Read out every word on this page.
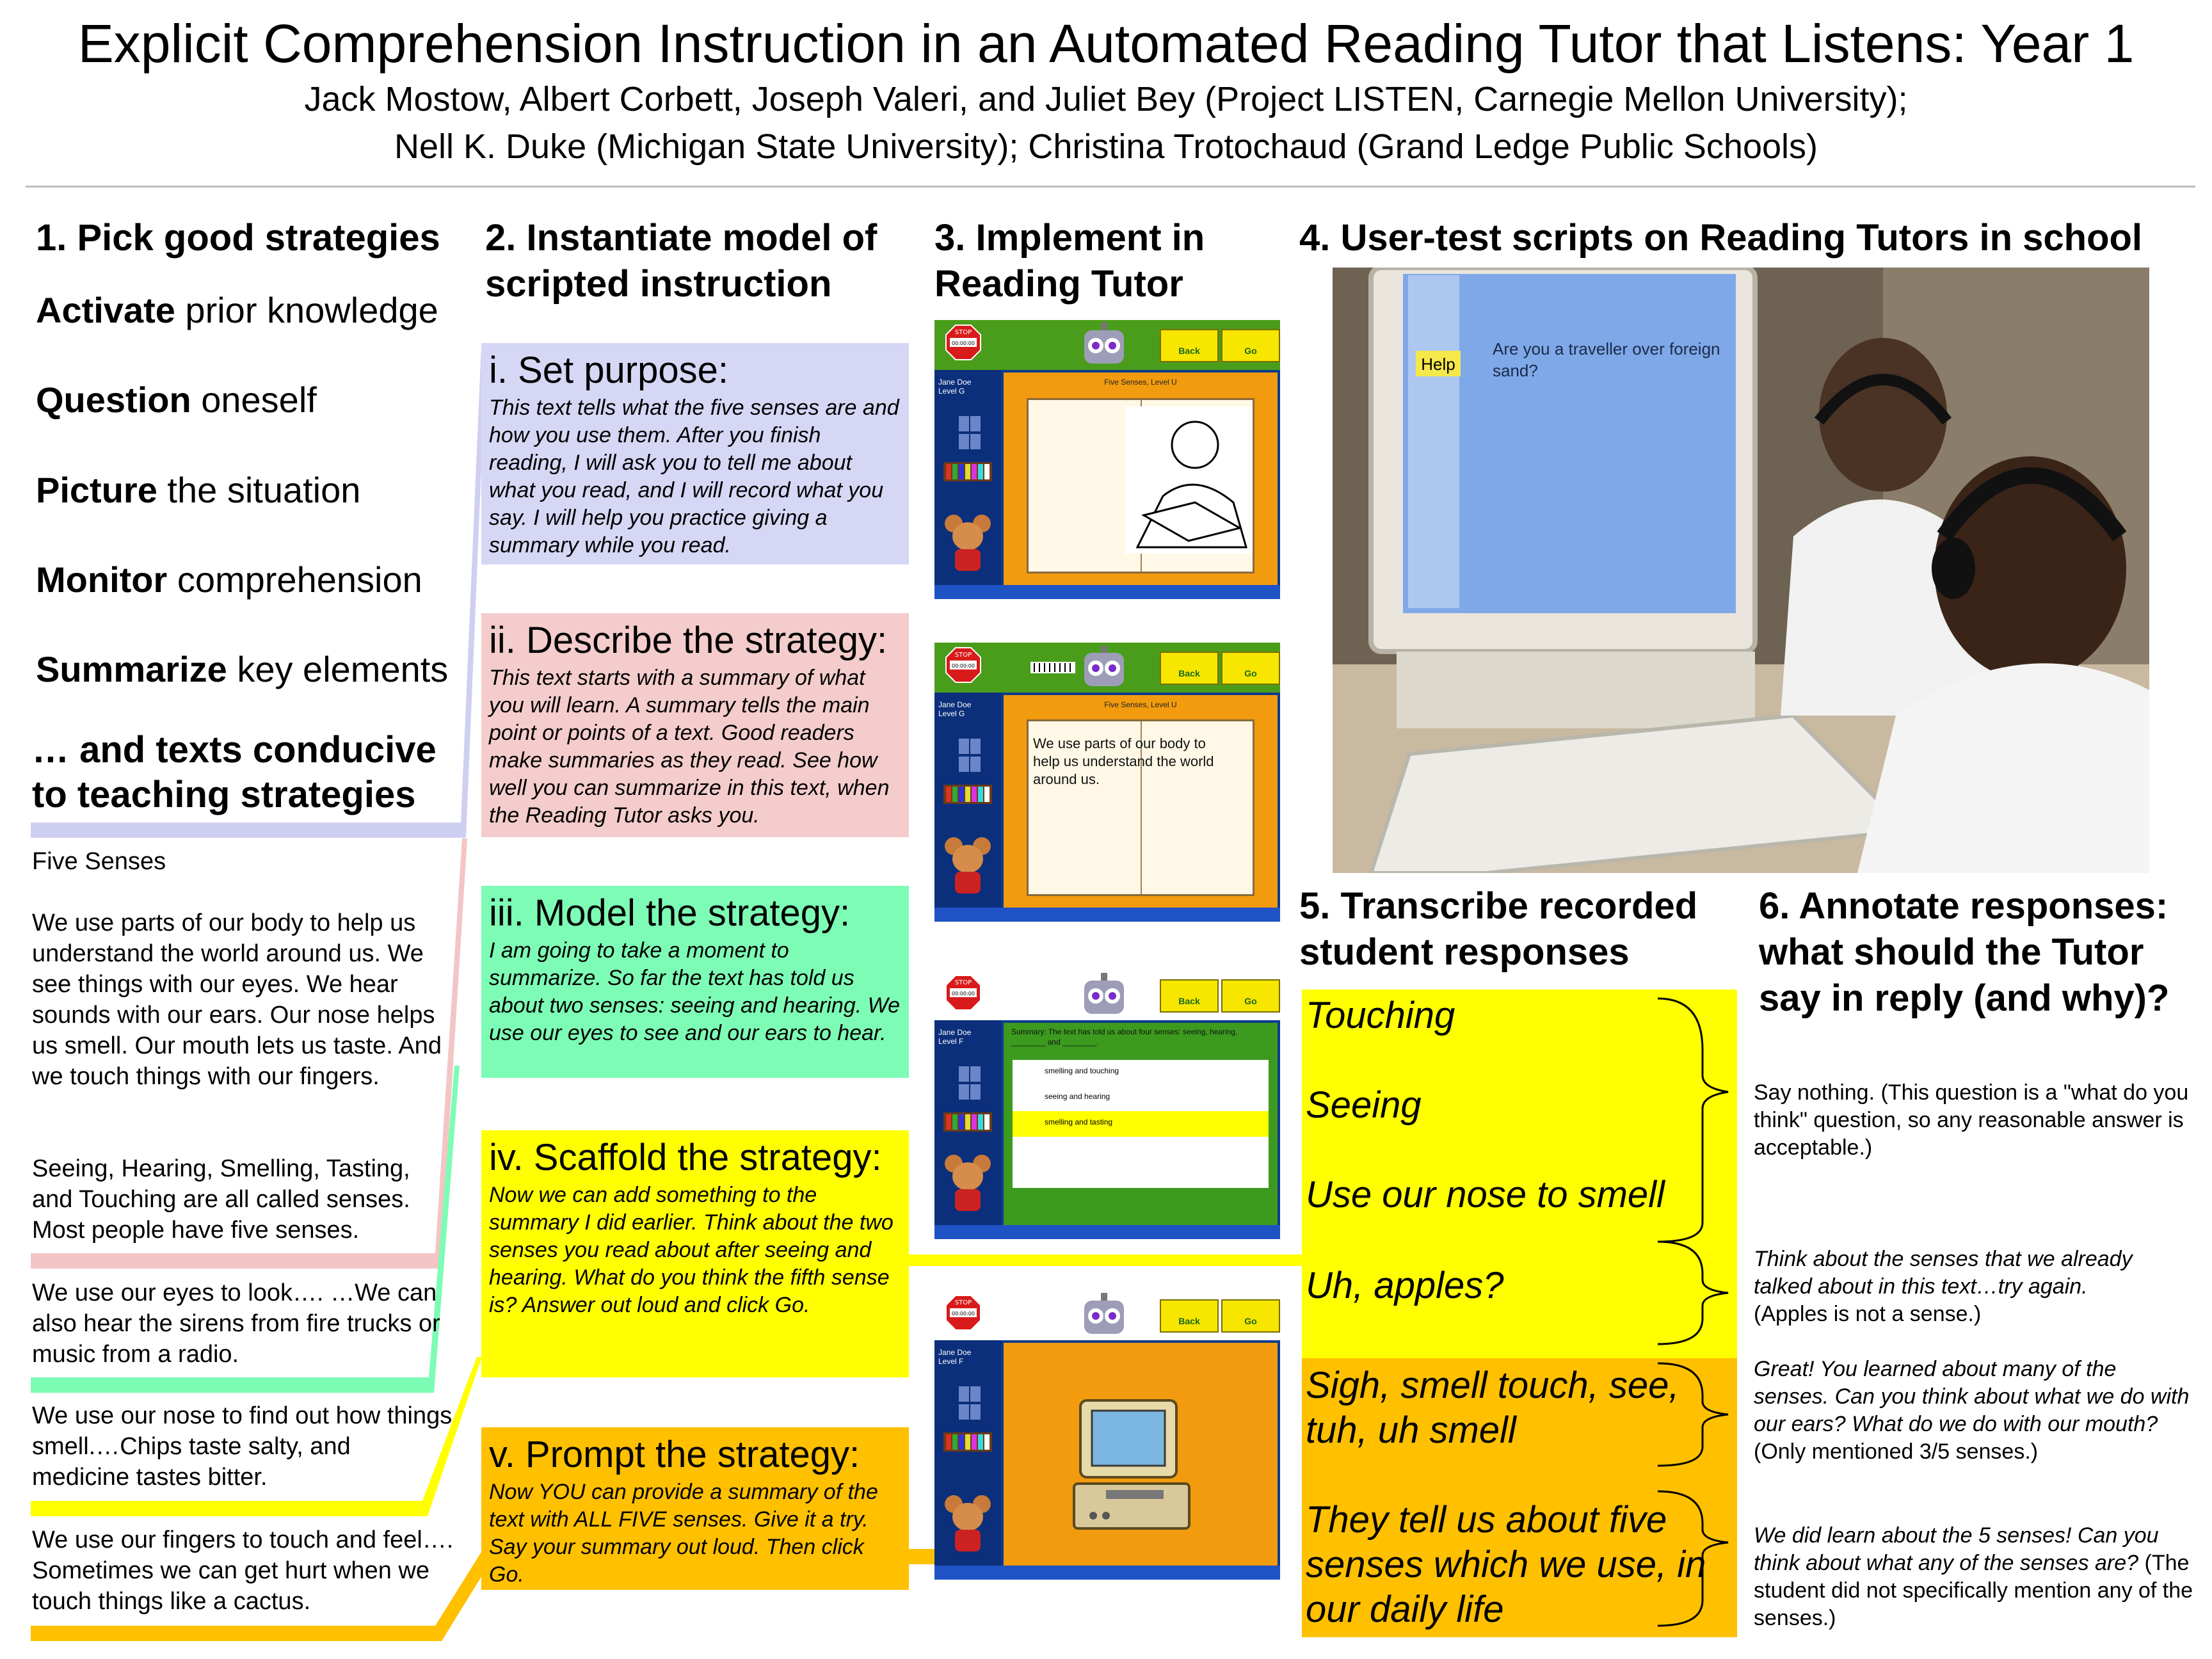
Explicit Comprehension Instruction in an Automated Reading Tutor that Listens: Year 1
Jack Mostow, Albert Corbett, Joseph Valeri, and Juliet Bey (Project LISTEN, Carnegie Mellon University);
Nell K. Duke (Michigan State University); Christina Trotochaud (Grand Ledge Public Schools)
1. Pick good strategies
Activate prior knowledge
Question oneself
Picture the situation
Monitor comprehension
Summarize key elements
… and texts conducive
to teaching strategies
Five Senses
We use parts of our body to help us understand the world around us. We see things with our eyes. We hear sounds with our ears. Our nose helps us smell. Our mouth lets us taste. And we touch things with our fingers.
Seeing, Hearing, Smelling, Tasting, and Touching are all called senses. Most people have five senses.
We use our eyes to look…. …We can also hear the sirens from fire trucks or music from a radio.
We use our nose to find out how things smell.…Chips taste salty, and medicine tastes bitter.
We use our fingers to touch and feel…. Sometimes we can get hurt when we touch things like a cactus.
2. Instantiate model of
scripted instruction
i. Set purpose:
This text tells what the five senses are and how you use them. After you finish reading, I will ask you to tell me about what you read, and I will record what you say. I will help you practice giving a summary while you read.
ii. Describe the strategy:
This text starts with a summary of what you will learn. A summary tells the main point or points of a text. Good readers make summaries as they read. See how well you can summarize in this text, when the Reading Tutor asks you.
iii. Model the strategy:
I am going to take a moment to summarize. So far the text has told us about two senses: seeing and hearing. We use our eyes to see and our ears to hear.
iv. Scaffold the strategy:
Now we can add something to the summary I did earlier. Think about the two senses you read about after seeing and hearing. What do you think the fifth sense is? Answer out loud and click Go.
v. Prompt the strategy:
Now YOU can provide a summary of the text with ALL FIVE senses. Give it a try. Say your summary out loud. Then click Go.
3. Implement in
Reading Tutor
STOP
00:00:00
Back	Go
Jane Doe
Level G
Five Senses, Level U
STOP
00:00:00
Back	Go
Jane Doe
Level G
Five Senses, Level U
We use parts of our body to help us understand the world around us.
STOP
00:00:00
Back	Go
Jane Doe
Level F
Summary: The text has told us about four senses: seeing, hearing, ________ and ________.
smelling and touching
seeing and hearing
smelling and tasting
STOP
00:00:00
Back	Go
Jane Doe
Level F
4. User-test scripts on Reading Tutors in school
Help
Are you a traveller over foreign sand?
5. Transcribe recorded
student responses
Touching
Seeing
Use our nose to smell
Uh, apples?
Sigh, smell touch, see, tuh, uh smell
They tell us about five senses which we use, in our daily life
6. Annotate responses:
what should the Tutor
say in reply (and why)?
Say nothing. (This question is a "what do you think" question, so any reasonable answer is acceptable.)
Think about the senses that we already talked about in this text…try again.
(Apples is not a sense.)
Great! You learned about many of the senses. Can you think about what we do with our ears? What do we do with our mouth? (Only mentioned 3/5 senses.)
We did learn about the 5 senses! Can you think about what any of the senses are? (The student did not specifically mention any of the senses.)
